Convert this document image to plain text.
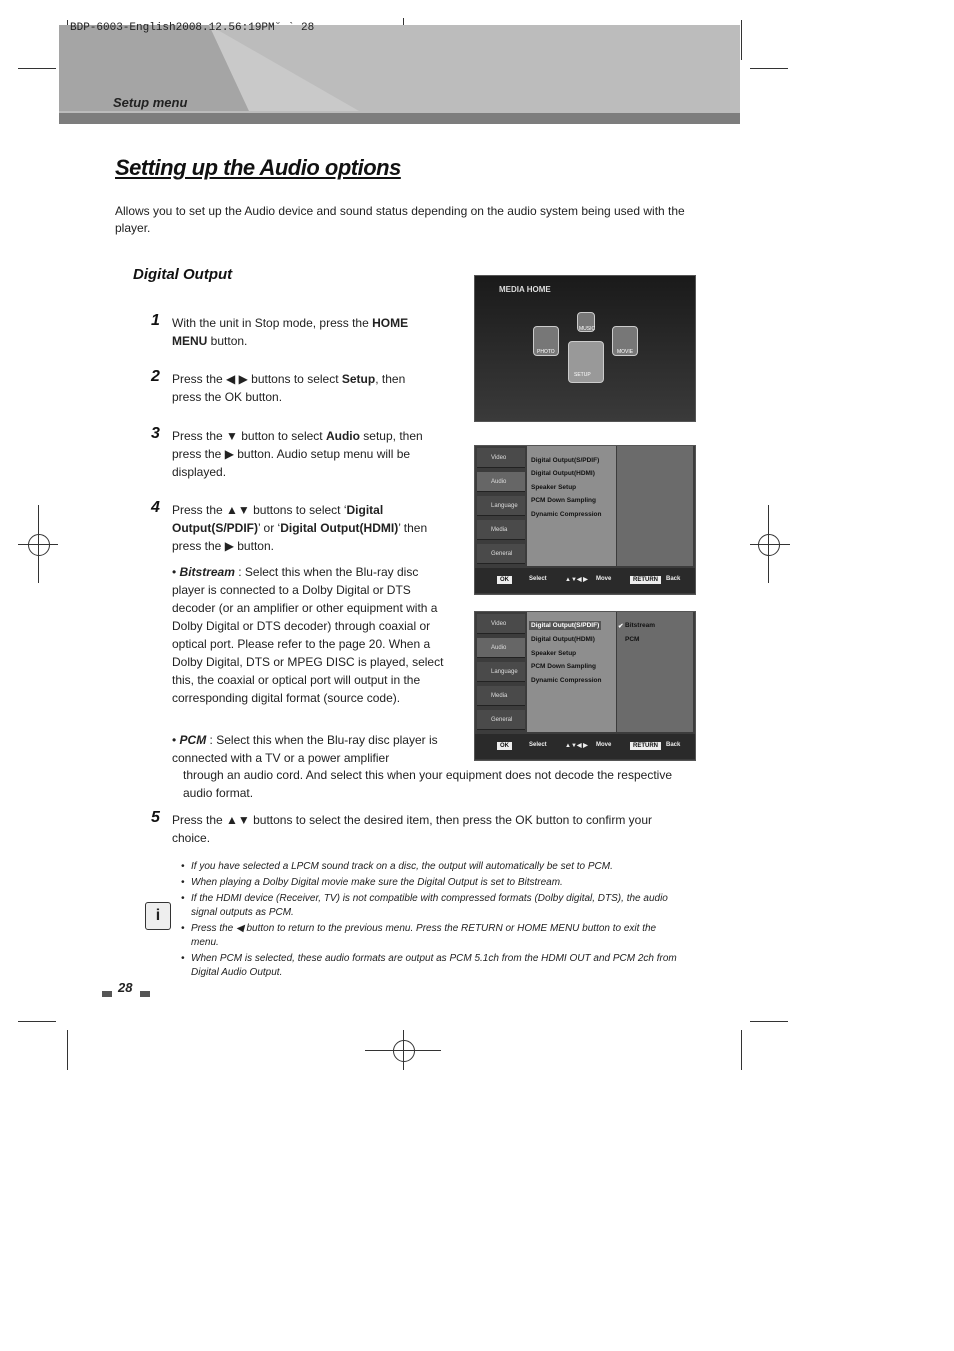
BDP-6003-English2008.12.56:19PM˘ ` 28
Setup menu
Setting up the Audio options
Allows you to set up the Audio device and sound status depending on the audio system being used with the player.
Digital Output
1 With the unit in Stop mode, press the HOME MENU button.
2 Press the ◀ ▶ buttons to select Setup, then press the OK button.
3 Press the ▼ button to select Audio setup, then press the ▶ button. Audio setup menu will be displayed.
4 Press the ▲▼ buttons to select ‘Digital Output(S/PDIF)’ or ‘Digital Output(HDMI)’ then press the ▶ button.
• Bitstream : Select this when the Blu-ray disc player is connected to a Dolby Digital or DTS decoder (or an amplifier or other equipment with a Dolby Digital or DTS decoder) through coaxial or optical port. Please refer to the page 20. When a Dolby Digital, DTS or MPEG DISC is played, select this, the coaxial or optical port will output in the corresponding digital format (source code).
• PCM : Select this when the Blu-ray disc player is connected with a TV or a power amplifier
through an audio cord. And select this when your equipment does not decode the respective audio format.
5 Press the ▲▼ buttons to select the desired item, then press the OK button to confirm your choice.
i
• If you have selected a LPCM sound track on a disc, the output will automatically be set to PCM.
• When playing a Dolby Digital movie make sure the Digital Output is set to Bitstream.
• If the HDMI device (Receiver, TV) is not compatible with compressed formats (Dolby digital, DTS), the audio signal outputs as PCM.
• Press the ◀ button to return to the previous menu. Press the RETURN or HOME MENU button to exit the menu.
• When PCM is selected, these audio formats are output as PCM 5.1ch from the HDMI OUT and PCM 2ch from Digital Audio Output.
28
MEDIA HOME
PHOTO
MUSIC
MOVIE
SETUP
Video
Audio
Language
Media
General
Digital Output(S/PDIF)
Digital Output(HDMI)
Speaker Setup
PCM Down Sampling
Dynamic Compression
OK	Select	▲▼◀ ▶ Move	RETURN	Back
Video
Audio
Language
Media
General
Digital Output(S/PDIF)
Digital Output(HDMI)
Speaker Setup
PCM Down Sampling
Dynamic Compression
✔ Bitstream
PCM
OK	Select	▲▼◀ ▶ Move	RETURN	Back
